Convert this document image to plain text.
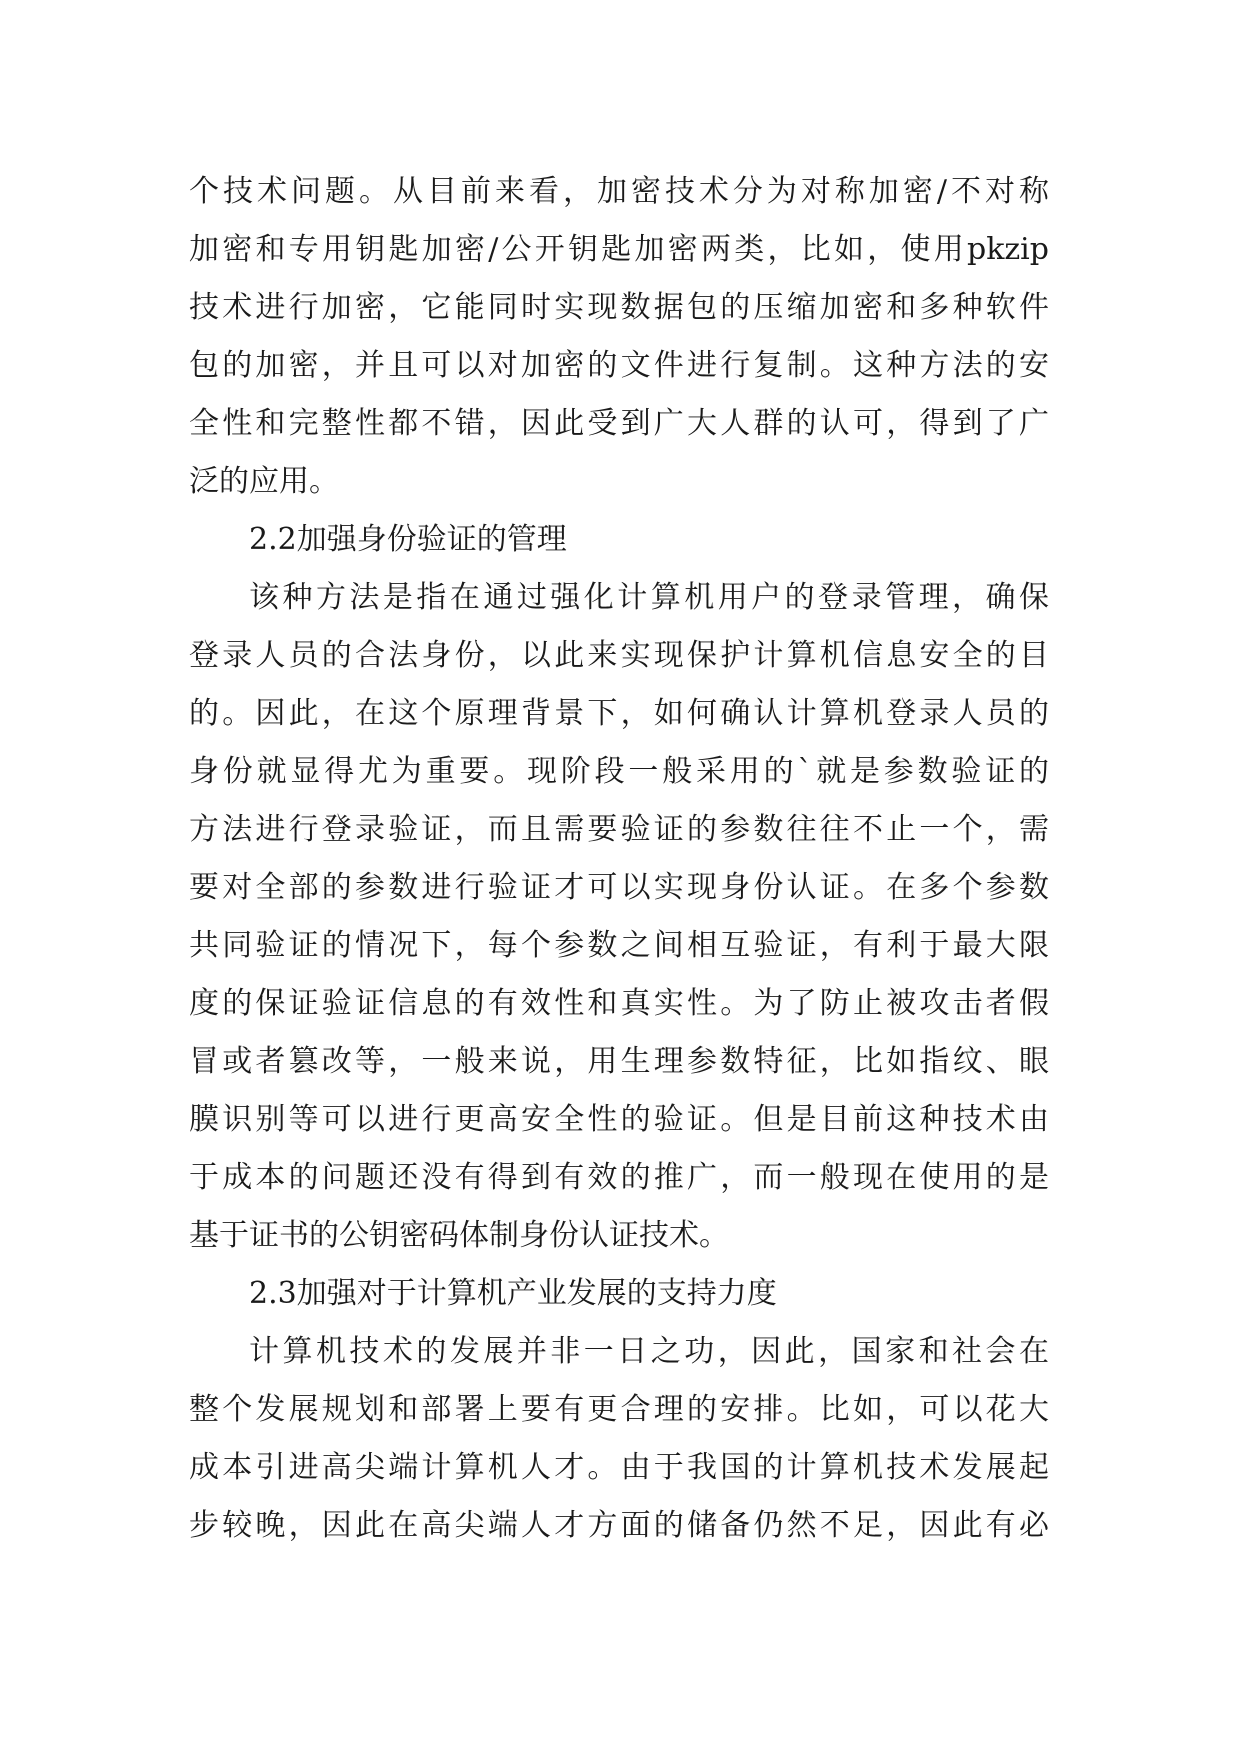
个技术问题。从目前来看，加密技术分为对称加密/不对称
加密和专用钥匙加密/公开钥匙加密两类，比如，使用pkzip
技术进行加密，它能同时实现数据包的压缩加密和多种软件
包的加密，并且可以对加密的文件进行复制。这种方法的安
全性和完整性都不错，因此受到广大人群的认可，得到了广
泛的应用。
2.2加强身份验证的管理
该种方法是指在通过强化计算机用户的登录管理，确保
登录人员的合法身份，以此来实现保护计算机信息安全的目
的。因此，在这个原理背景下，如何确认计算机登录人员的
身份就显得尤为重要。现阶段一般采用的`就是参数验证的
方法进行登录验证，而且需要验证的参数往往不止一个，需
要对全部的参数进行验证才可以实现身份认证。在多个参数
共同验证的情况下，每个参数之间相互验证，有利于最大限
度的保证验证信息的有效性和真实性。为了防止被攻击者假
冒或者篡改等，一般来说，用生理参数特征，比如指纹、眼
膜识别等可以进行更高安全性的验证。但是目前这种技术由
于成本的问题还没有得到有效的推广，而一般现在使用的是
基于证书的公钥密码体制身份认证技术。
2.3加强对于计算机产业发展的支持力度
计算机技术的发展并非一日之功，因此，国家和社会在
整个发展规划和部署上要有更合理的安排。比如，可以花大
成本引进高尖端计算机人才。由于我国的计算机技术发展起
步较晚，因此在高尖端人才方面的储备仍然不足，因此有必
